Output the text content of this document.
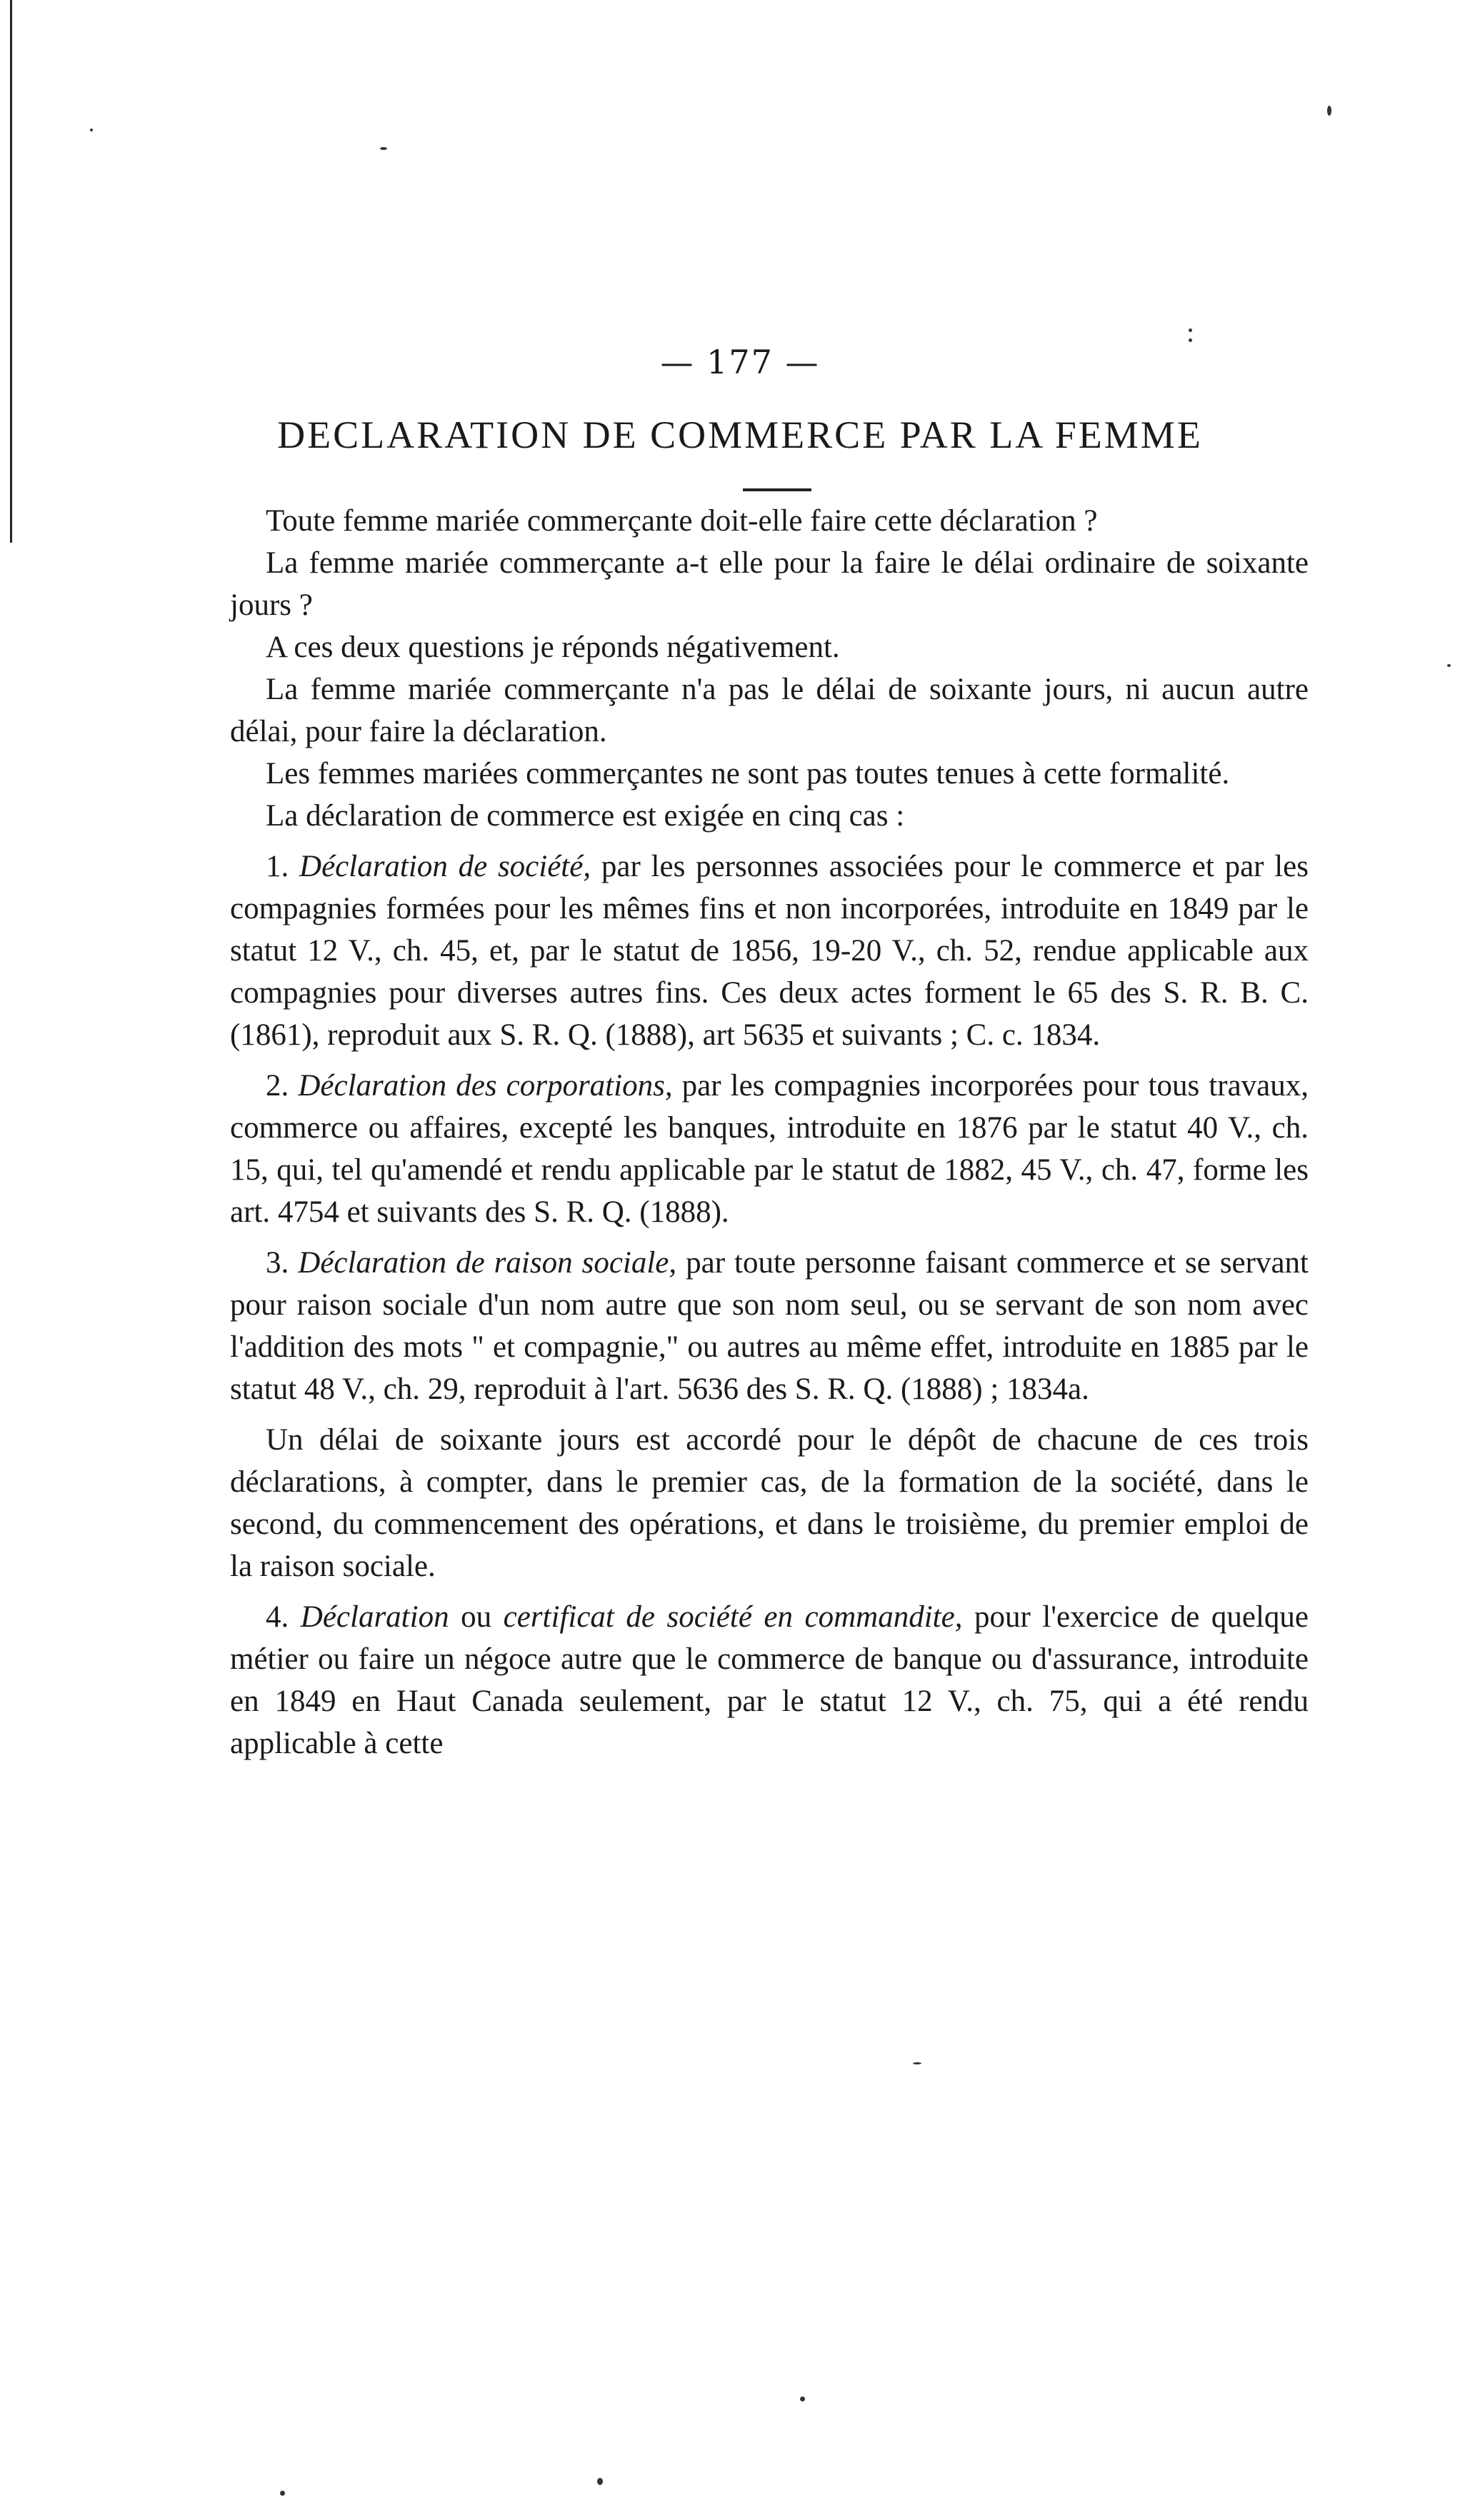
— 177 —
DECLARATION DE COMMERCE PAR LA FEMME

Toute femme mariée commerçante doit-elle faire cette déclaration ?

La femme mariée commerçante a-t elle pour la faire le délai ordinaire de soixante jours ?

A ces deux questions je réponds négativement.

La femme mariée commerçante n'a pas le délai de soixante jours, ni aucun autre délai, pour faire la déclaration.

Les femmes mariées commerçantes ne sont pas toutes tenues à cette formalité.

La déclaration de commerce est exigée en cinq cas :

1. Déclaration de société, par les personnes associées pour le commerce et par les compagnies formées pour les mêmes fins et non incorporées, introduite en 1849 par le statut 12 V., ch. 45, et, par le statut de 1856, 19-20 V., ch. 52, rendue applicable aux compagnies pour diverses autres fins. Ces deux actes forment le 65 des S. R. B. C. (1861), reproduit aux S. R. Q. (1888), art 5635 et suivants ; C. c. 1834.

2. Déclaration des corporations, par les compagnies incorporées pour tous travaux, commerce ou affaires, excepté les banques, introduite en 1876 par le statut 40 V., ch. 15, qui, tel qu'amendé et rendu applicable par le statut de 1882, 45 V., ch. 47, forme les art. 4754 et suivants des S. R. Q. (1888).

3. Déclaration de raison sociale, par toute personne faisant commerce et se servant pour raison sociale d'un nom autre que son nom seul, ou se servant de son nom avec l'addition des mots " et compagnie," ou autres au même effet, introduite en 1885 par le statut 48 V., ch. 29, reproduit à l'art. 5636 des S. R. Q. (1888) ; 1834a.

Un délai de soixante jours est accordé pour le dépôt de chacune de ces trois déclarations, à compter, dans le premier cas, de la formation de la société, dans le second, du commencement des opérations, et dans le troisième, du premier emploi de la raison sociale.

4. Déclaration ou certificat de société en commandite, pour l'exercice de quelque métier ou faire un négoce autre que le commerce de banque ou d'assurance, introduite en 1849 en Haut Canada seulement, par le statut 12 V., ch. 75, qui a été rendu applicable à cette
